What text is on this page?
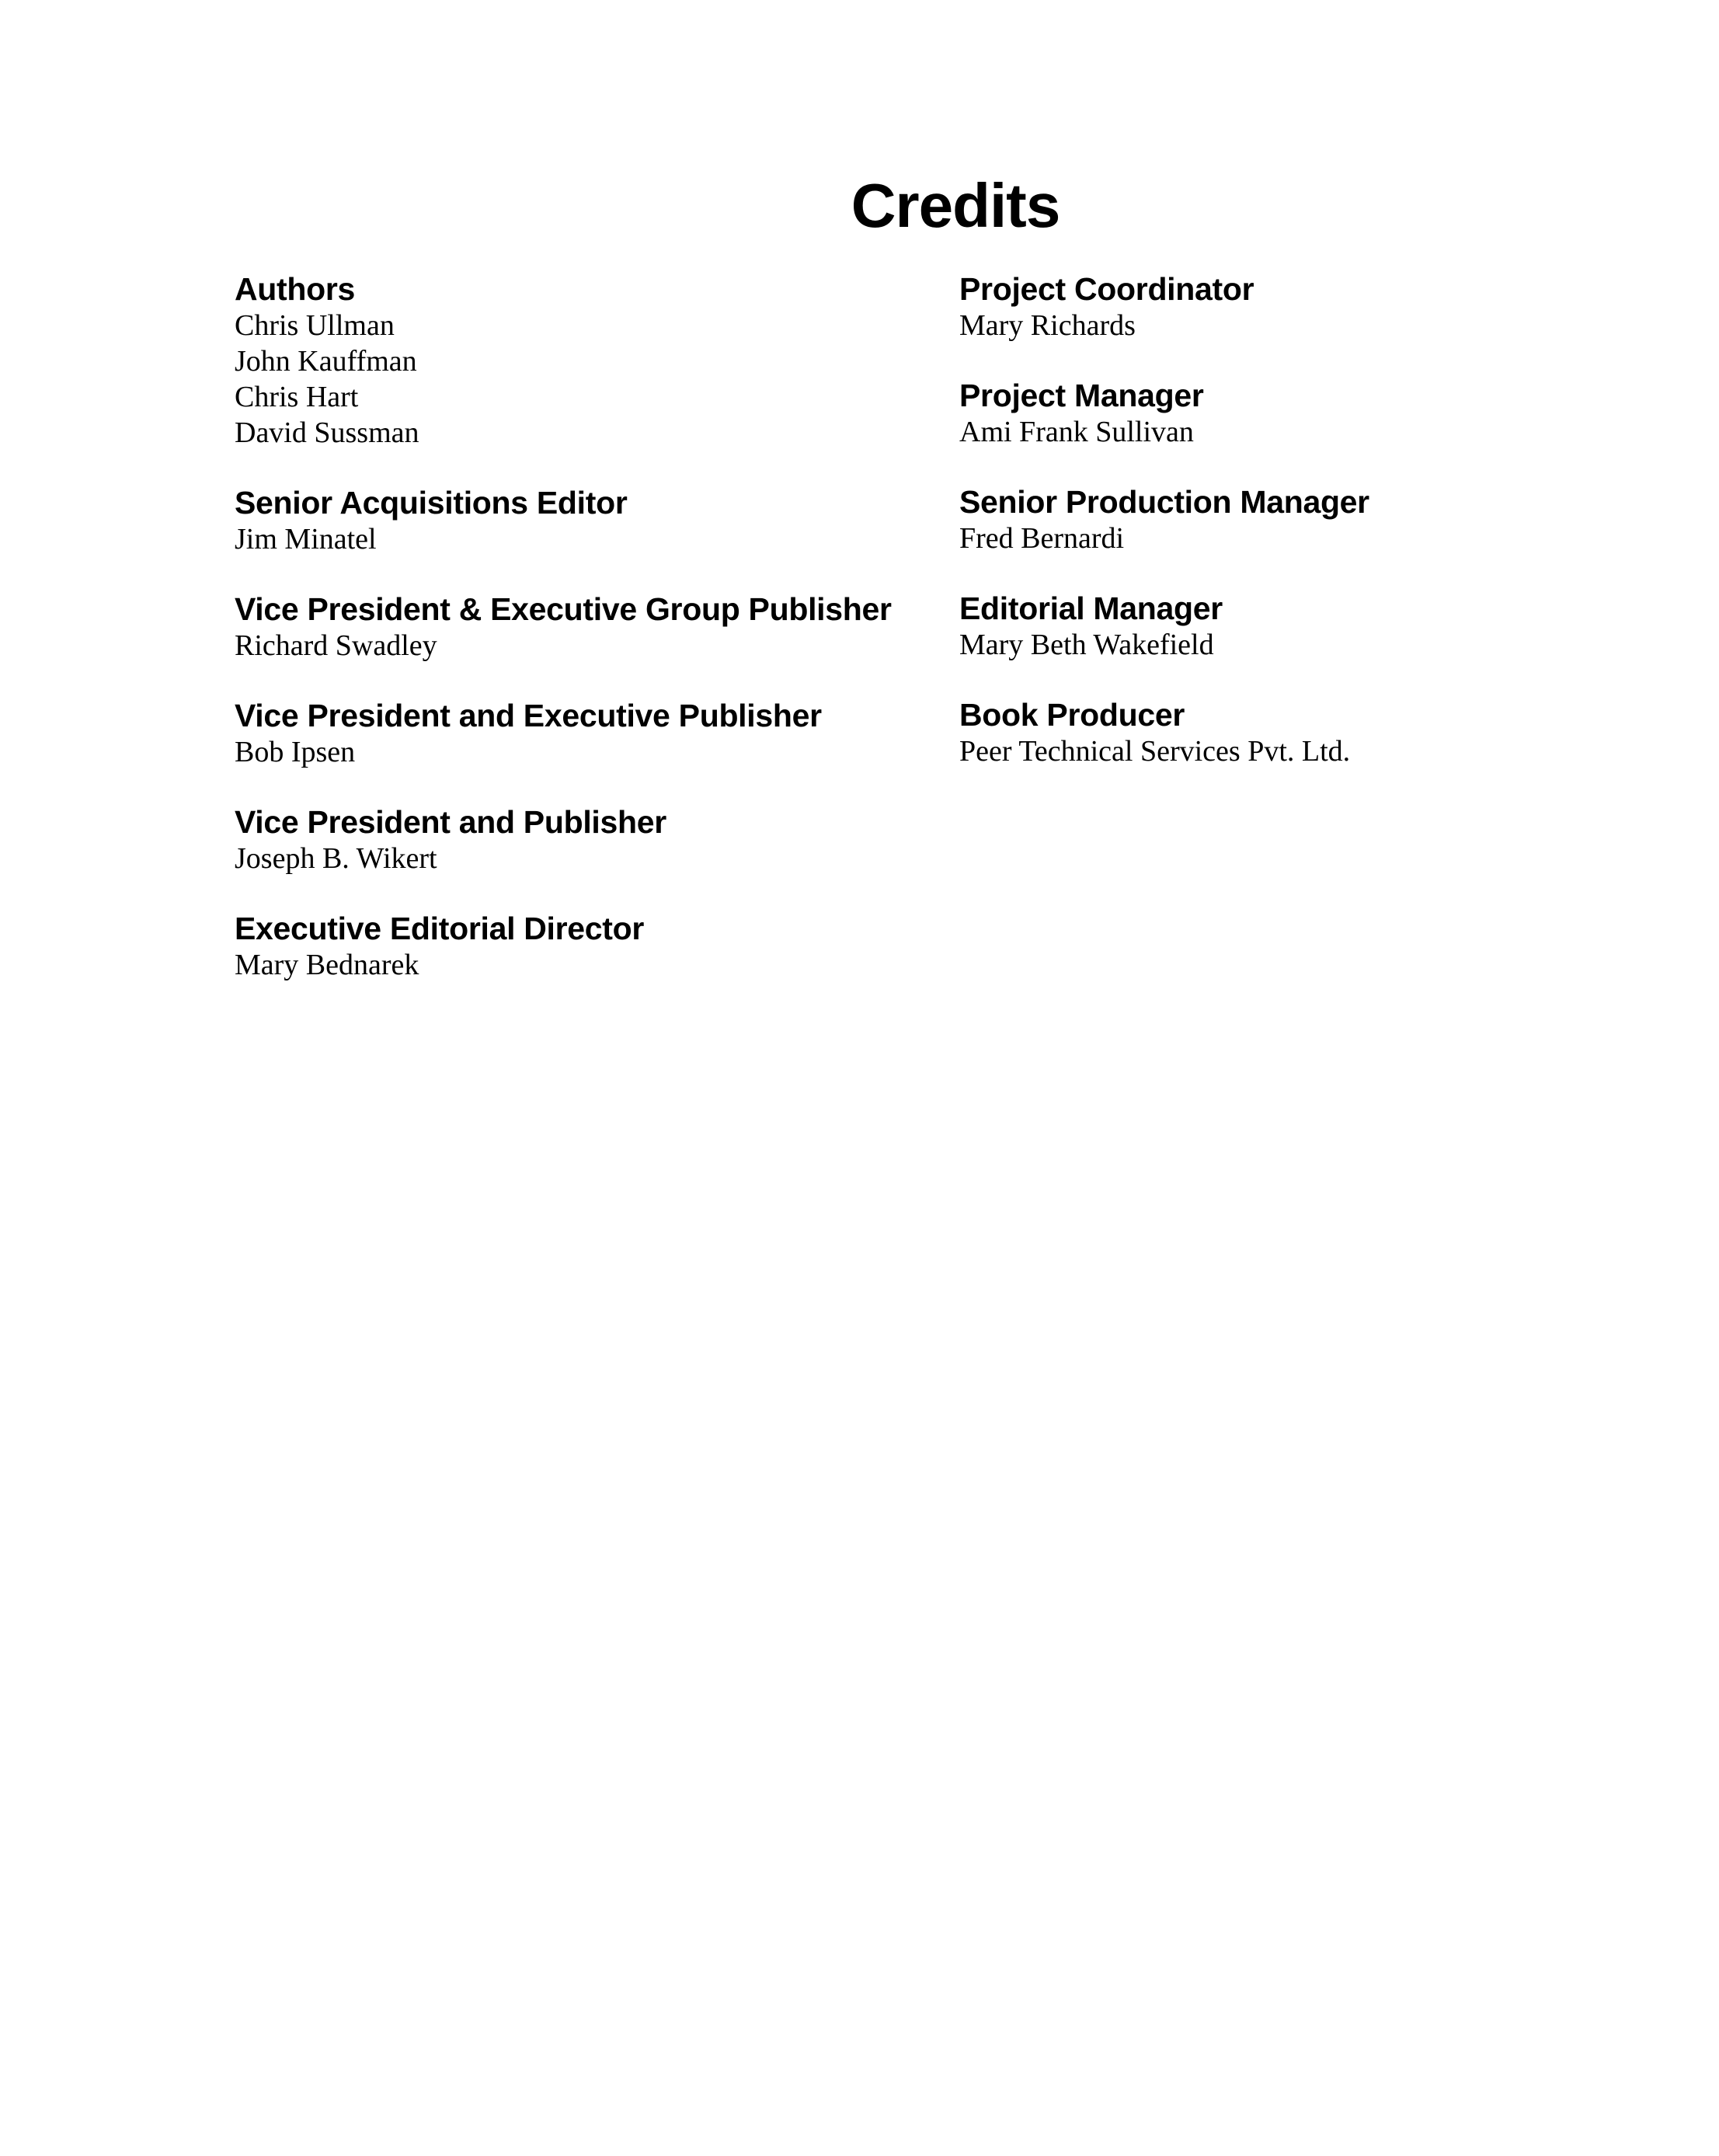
Credits
Authors
Chris Ullman
John Kauffman
Chris Hart
David Sussman
Senior Acquisitions Editor
Jim Minatel
Vice President & Executive Group Publisher
Richard Swadley
Vice President and Executive Publisher
Bob Ipsen
Vice President and Publisher
Joseph B. Wikert
Executive Editorial Director
Mary Bednarek
Project Coordinator
Mary Richards
Project Manager
Ami Frank Sullivan
Senior Production Manager
Fred Bernardi
Editorial Manager
Mary Beth Wakefield
Book Producer
Peer Technical Services Pvt. Ltd.
